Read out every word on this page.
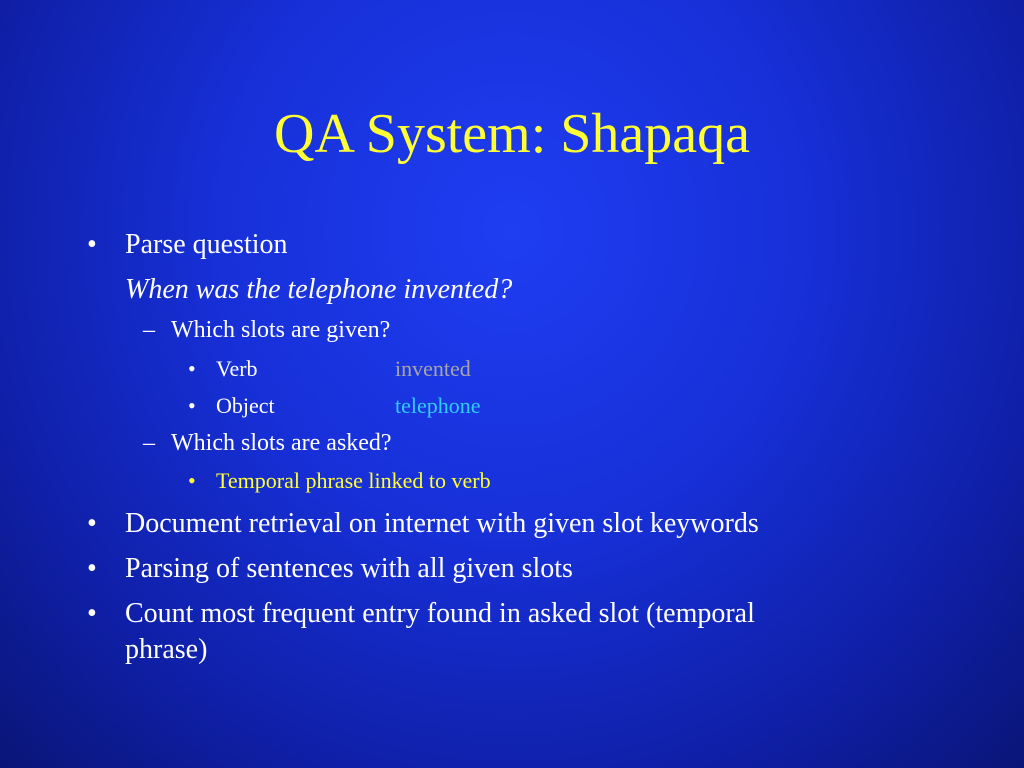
QA System: Shapaqa
• Parse question
When was the telephone invented?
– Which slots are given?
• Verb	invented
• Object	telephone
– Which slots are asked?
• Temporal phrase linked to verb
• Document retrieval on internet with given slot keywords
• Parsing of sentences with all given slots
• Count most frequent entry found in asked slot (temporal
phrase)
